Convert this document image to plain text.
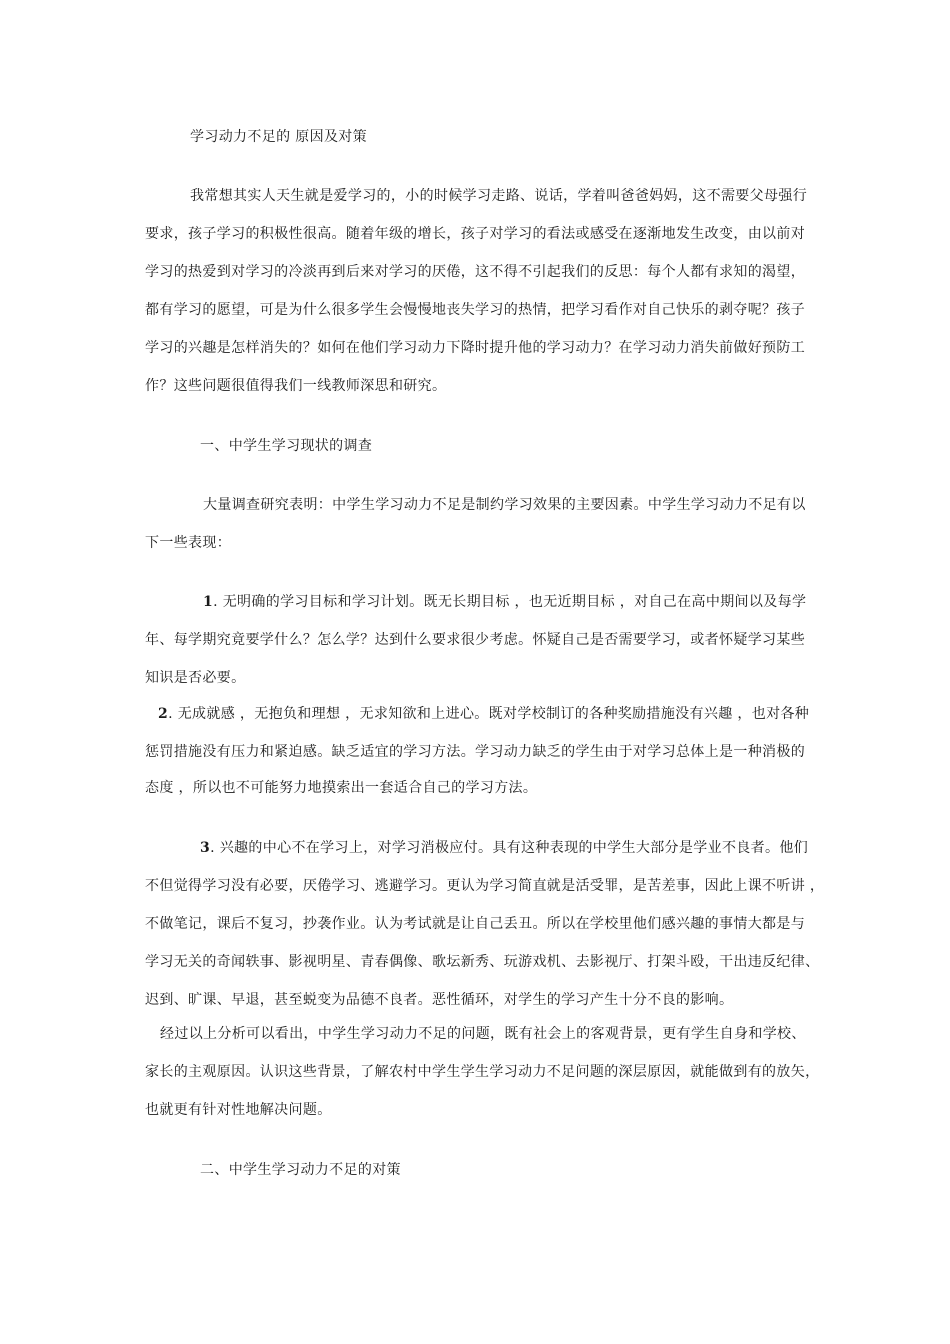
学习动力不足的 原因及对策
我常想其实人天生就是爱学习的，小的时候学习走路、说话，学着叫爸爸妈妈，这不需要父母强行
要求，孩子学习的积极性很高。随着年级的增长，孩子对学习的看法或感受在逐渐地发生改变，由以前对
学习的热爱到对学习的冷淡再到后来对学习的厌倦，这不得不引起我们的反思：每个人都有求知的渴望，
都有学习的愿望，可是为什么很多学生会慢慢地丧失学习的热情，把学习看作对自己快乐的剥夺呢？孩子
学习的兴趣是怎样消失的？如何在他们学习动力下降时提升他的学习动力？在学习动力消失前做好预防工
作？这些问题很值得我们一线教师深思和研究。
一、中学生学习现状的调查
大量调查研究表明：中学生学习动力不足是制约学习效果的主要因素。中学生学习动力不足有以
下一些表现：
1. 无明确的学习目标和学习计划。既无长期目标 ，也无近期目标 ，对自己在高中期间以及每学
年、每学期究竟要学什么？怎么学？达到什么要求很少考虑。怀疑自己是否需要学习，或者怀疑学习某些
知识是否必要。
2. 无成就感 ，无抱负和理想 ，无求知欲和上进心。既对学校制订的各种奖励措施没有兴趣 ，也对各种
惩罚措施没有压力和紧迫感。缺乏适宜的学习方法。学习动力缺乏的学生由于对学习总体上是一种消极的
态度 ，所以也不可能努力地摸索出一套适合自己的学习方法。
3. 兴趣的中心不在学习上，对学习消极应付。具有这种表现的中学生大部分是学业不良者。他们
不但觉得学习没有必要，厌倦学习、逃避学习。更认为学习简直就是活受罪，是苦差事，因此上课不听讲 ，
不做笔记，课后不复习，抄袭作业。认为考试就是让自己丢丑。所以在学校里他们感兴趣的事情大都是与
学习无关的奇闻轶事、影视明星、青春偶像、歌坛新秀、玩游戏机、去影视厅、打架斗殴，干出违反纪律、
迟到、旷课、早退，甚至蜕变为品德不良者。恶性循环，对学生的学习产生十分不良的影响。
经过以上分析可以看出，中学生学习动力不足的问题，既有社会上的客观背景，更有学生自身和学校、
家长的主观原因。认识这些背景，了解农村中学生学生学习动力不足问题的深层原因，就能做到有的放矢，
也就更有针对性地解决问题。
二、中学生学习动力不足的对策
